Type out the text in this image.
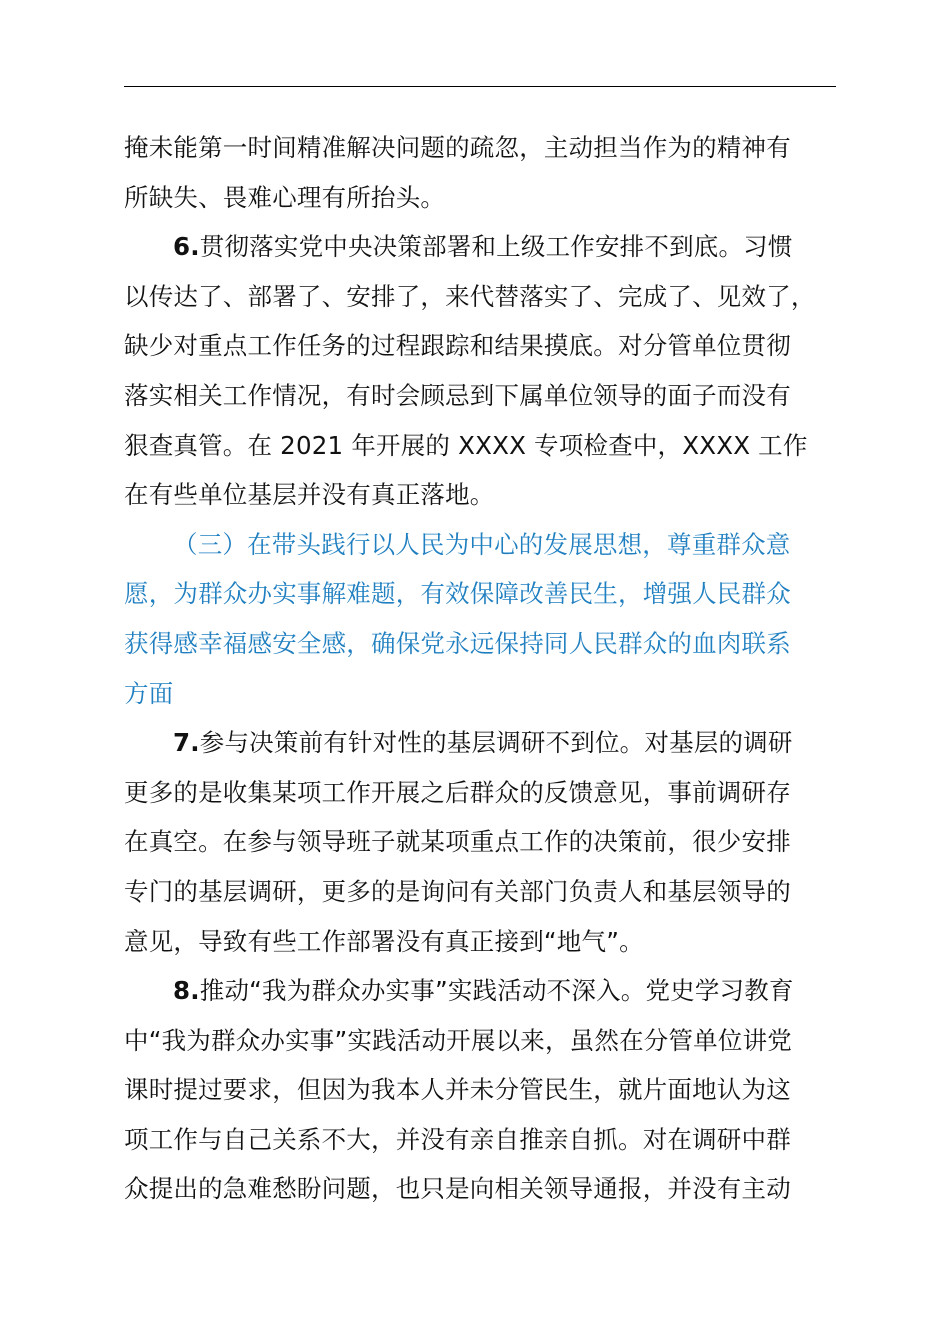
掩未能第一时间精准解决问题的疏忽，主动担当作为的精神有
所缺失、畏难心理有所抬头。
6.贯彻落实党中央决策部署和上级工作安排不到底。习惯
以传达了、部署了、安排了，来代替落实了、完成了、见效了，
缺少对重点工作任务的过程跟踪和结果摸底。对分管单位贯彻
落实相关工作情况，有时会顾忌到下属单位领导的面子而没有
狠查真管。在 2021 年开展的 XXXX 专项检查中，XXXX 工作
在有些单位基层并没有真正落地。
（三）在带头践行以人民为中心的发展思想，尊重群众意
愿，为群众办实事解难题，有效保障改善民生，增强人民群众
获得感幸福感安全感，确保党永远保持同人民群众的血肉联系
方面
7.参与决策前有针对性的基层调研不到位。对基层的调研
更多的是收集某项工作开展之后群众的反馈意见，事前调研存
在真空。在参与领导班子就某项重点工作的决策前，很少安排
专门的基层调研，更多的是询问有关部门负责人和基层领导的
意见，导致有些工作部署没有真正接到“地气”。
8.推动“我为群众办实事”实践活动不深入。党史学习教育
中“我为群众办实事”实践活动开展以来，虽然在分管单位讲党
课时提过要求，但因为我本人并未分管民生，就片面地认为这
项工作与自己关系不大，并没有亲自推亲自抓。对在调研中群
众提出的急难愁盼问题，也只是向相关领导通报，并没有主动
